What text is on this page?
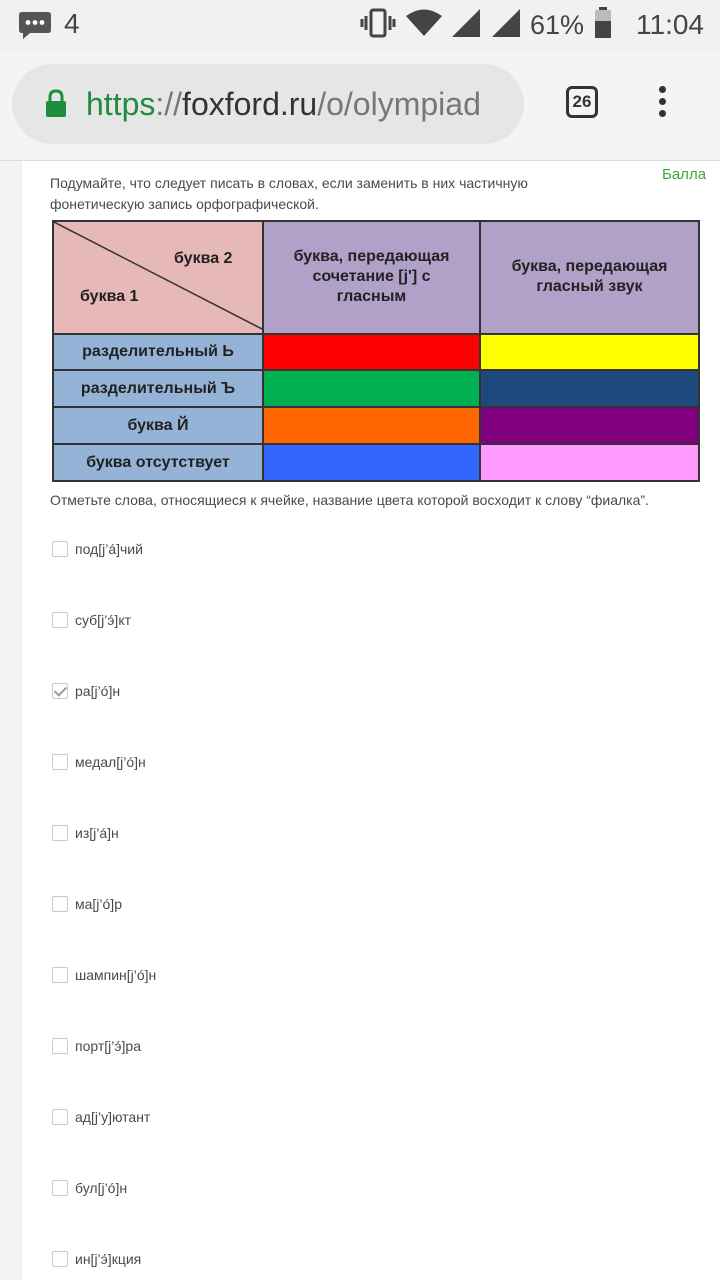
4	61% 11:04
https://foxford.ru/o/olympiad	26
Балла
Подумайте, что следует писать в словах, если заменить в них частичную фонетическую запись орфографической.
буква 2
буква 1	буква, передающая сочетание [j'] с гласным	буква, передающая гласный звук
разделительный Ь		
разделительный Ъ		
буква Й		
буква отсутствует		
Отметьте слова, относящиеся к ячейке, название цвета которой восходит к слову “фиалка”.
под[j’á]чий
суб[j’э́]кт
ра[j’ó]н
медал[j’ó]н
из[j’á]н
ма[j’ó]р
шампин[j’ó]н
порт[j’э́]ра
ад[j’у]ютант
бул[j’ó]н
ин[j’э́]кция
